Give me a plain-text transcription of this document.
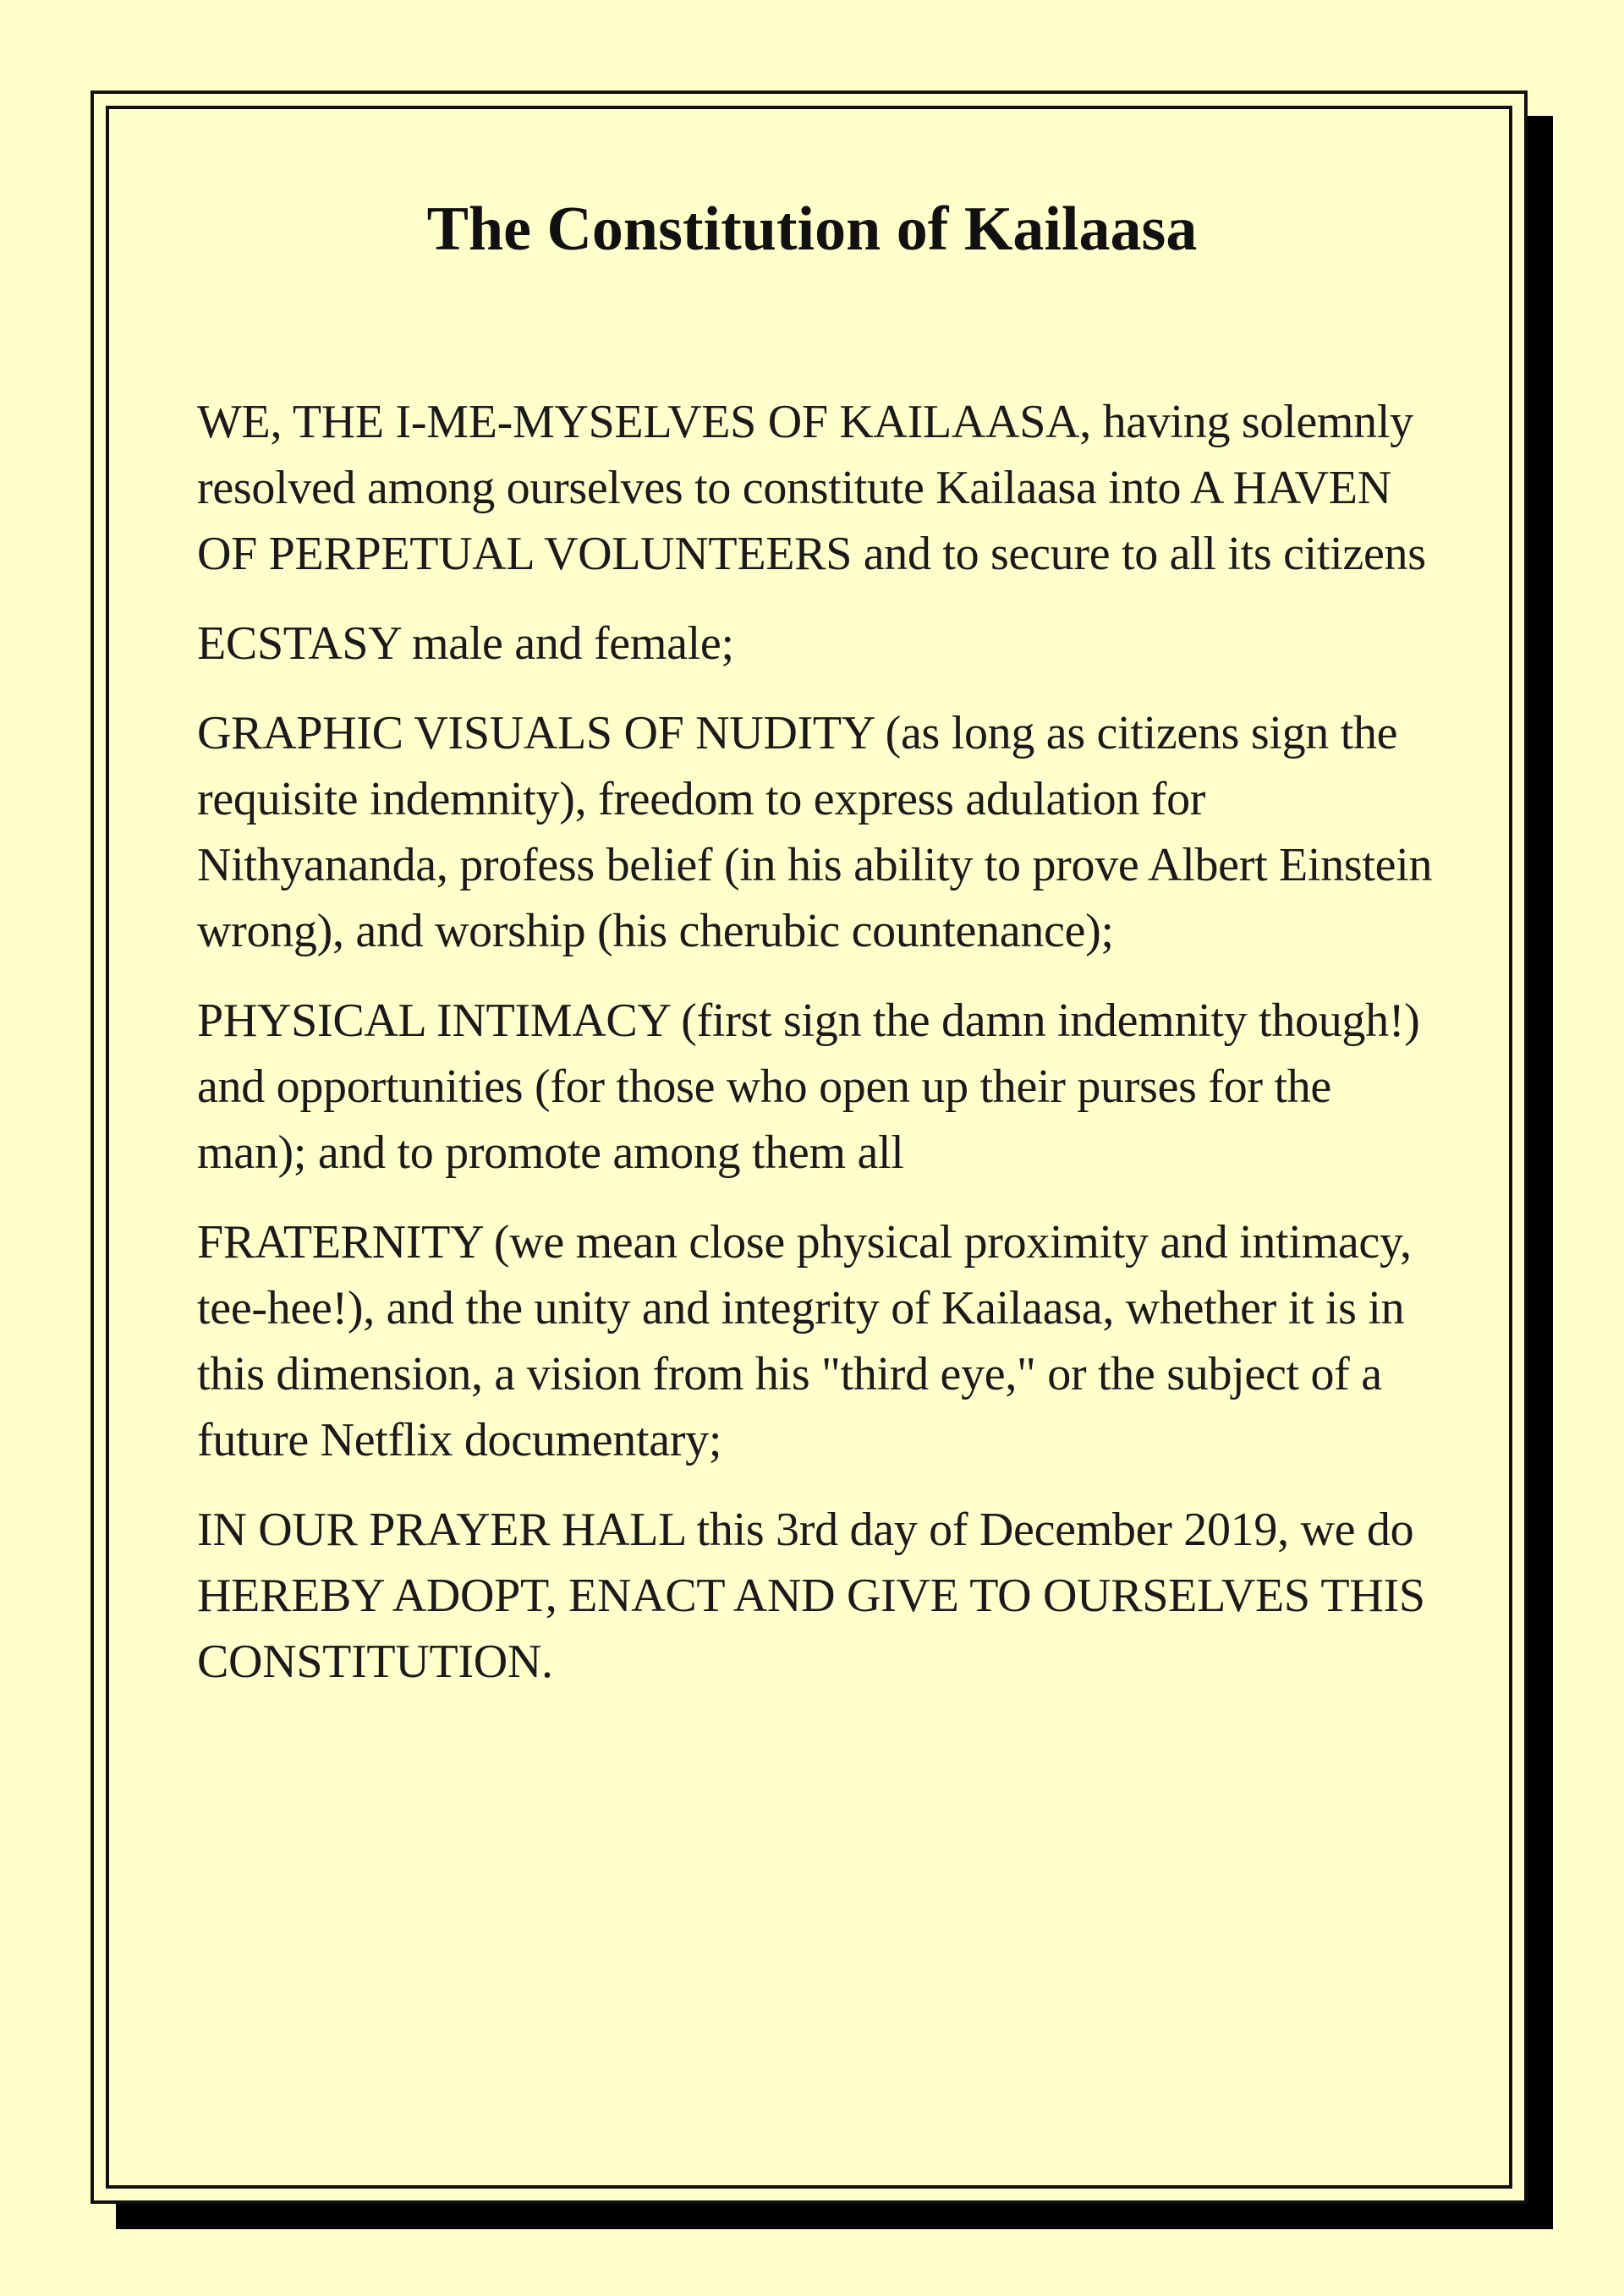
The Constitution of Kailaasa

WE, THE I-ME-MYSELVES OF KAILAASA, having solemnly resolved among ourselves to constitute Kailaasa into A HAVEN OF PERPETUAL VOLUNTEERS and to secure to all its citizens

ECSTASY male and female;

GRAPHIC VISUALS OF NUDITY (as long as citizens sign the requisite indemnity), freedom to express adulation for Nithyananda, profess belief (in his ability to prove Albert Einstein wrong), and worship (his cherubic countenance);

PHYSICAL INTIMACY (first sign the damn indemnity though!) and opportunities (for those who open up their purses for the man); and to promote among them all

FRATERNITY (we mean close physical proximity and intimacy, tee-hee!), and the unity and integrity of Kailaasa, whether it is in this dimension, a vision from his "third eye," or the subject of a future Netflix documentary;

IN OUR PRAYER HALL this 3rd day of December 2019, we do HEREBY ADOPT, ENACT AND GIVE TO OURSELVES THIS CONSTITUTION.
